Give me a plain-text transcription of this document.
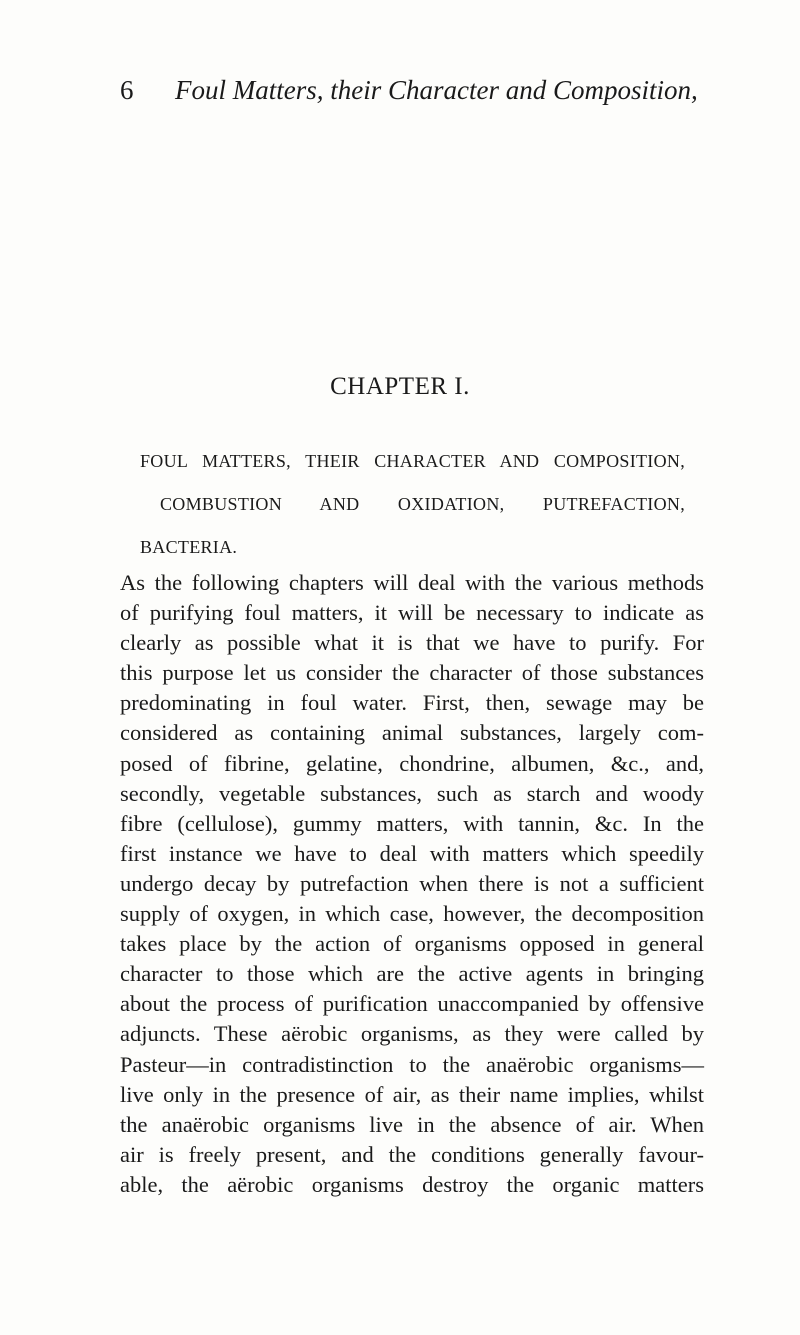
6 Foul Matters, their Character and Composition,
CHAPTER I.
FOUL MATTERS, THEIR CHARACTER AND COMPOSITION,
COMBUSTION AND OXIDATION, PUTREFACTION,
BACTERIA.
As the following chapters will deal with the various methods
of purifying foul matters, it will be necessary to indicate as
clearly as possible what it is that we have to purify. For
this purpose let us consider the character of those substances
predominating in foul water. First, then, sewage may be
considered as containing animal substances, largely com-
posed of fibrine, gelatine, chondrine, albumen, &c., and,
secondly, vegetable substances, such as starch and woody
fibre (cellulose), gummy matters, with tannin, &c. In the
first instance we have to deal with matters which speedily
undergo decay by putrefaction when there is not a sufficient
supply of oxygen, in which case, however, the decomposition
takes place by the action of organisms opposed in general
character to those which are the active agents in bringing
about the process of purification unaccompanied by offensive
adjuncts. These aërobic organisms, as they were called by
Pasteur—in contradistinction to the anaërobic organisms—
live only in the presence of air, as their name implies, whilst
the anaërobic organisms live in the absence of air. When
air is freely present, and the conditions generally favour-
able, the aërobic organisms destroy the organic matters
